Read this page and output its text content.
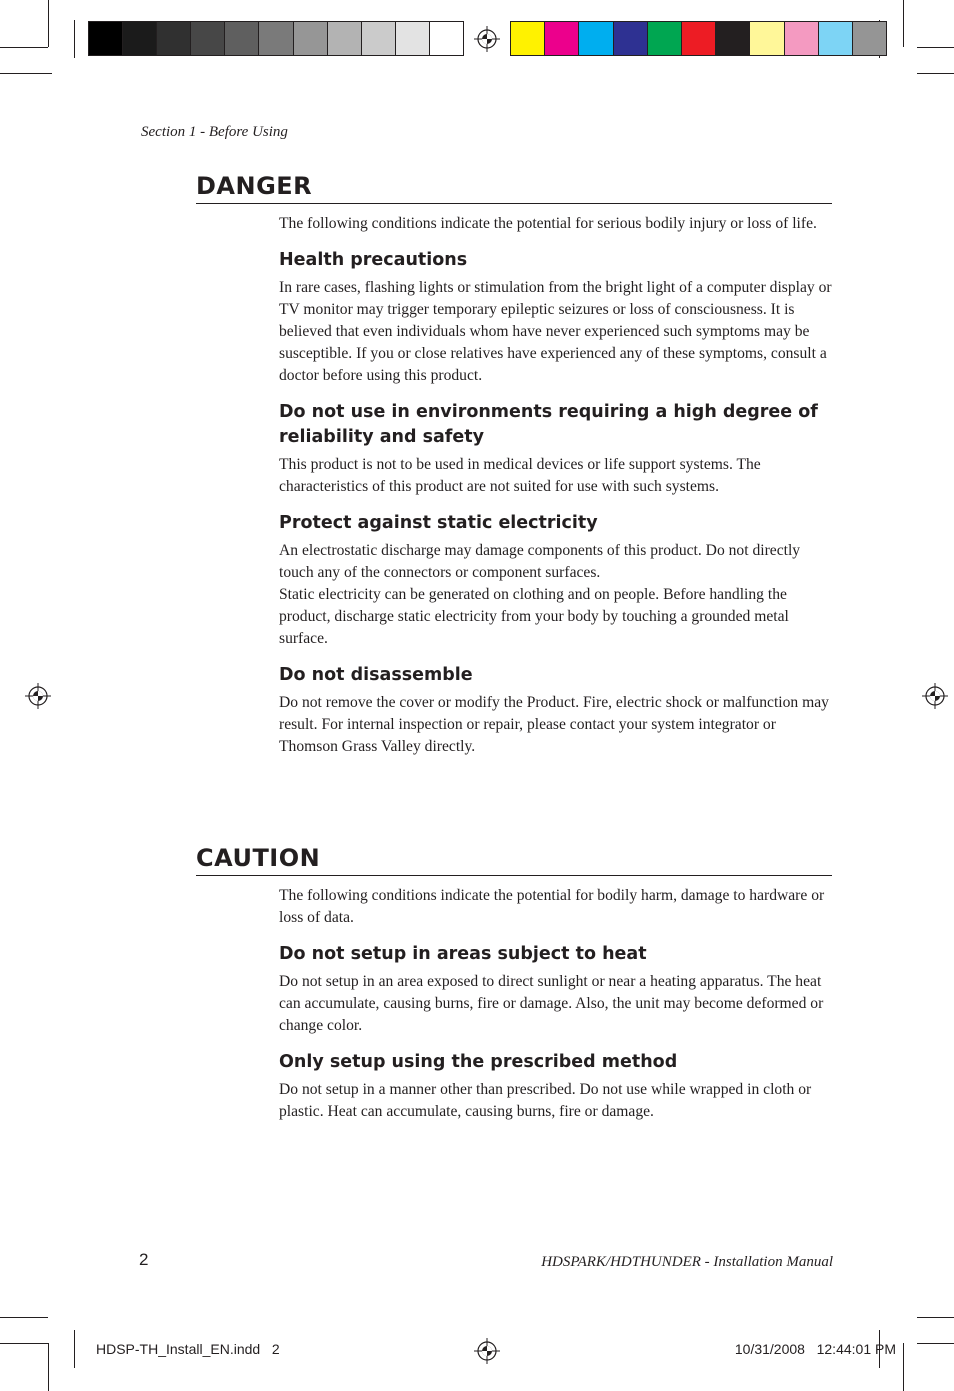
Section 1 - Before Using
DANGER

The following conditions indicate the potential for serious bodily injury or loss of life.

Health precautions

In rare cases, flashing lights or stimulation from the bright light of a computer display or TV monitor may trigger temporary epileptic seizures or loss of consciousness. It is believed that even individuals whom have never experienced such symptoms may be susceptible. If you or close relatives have experienced any of these symptoms, consult a doctor before using this product.

Do not use in environments requiring a high degree of reliability and safety

This product is not to be used in medical devices or life support systems. The characteristics of this product are not suited for use with such systems.

Protect against static electricity

An electrostatic discharge may damage components of this product. Do not directly touch any of the connectors or component surfaces.

Static electricity can be generated on clothing and on people. Before handling the product, discharge static electricity from your body by touching a grounded metal surface.

Do not disassemble

Do not remove the cover or modify the Product. Fire, electric shock or malfunction may result. For internal inspection or repair, please contact your system integrator or Thomson Grass Valley directly.

CAUTION

The following conditions indicate the potential for bodily harm, damage to hardware or loss of data.

Do not setup in areas subject to heat

Do not setup in an area exposed to direct sunlight or near a heating apparatus. The heat can accumulate, causing burns, fire or damage. Also, the unit may become deformed or change color.

Only setup using the prescribed method

Do not setup in a manner other than prescribed. Do not use while wrapped in cloth or plastic. Heat can accumulate, causing burns, fire or damage.

2	HDSPARK/HDTHUNDER - Installation Manual
HDSP-TH_Install_EN.indd   2	10/31/2008   12:44:01 PM
